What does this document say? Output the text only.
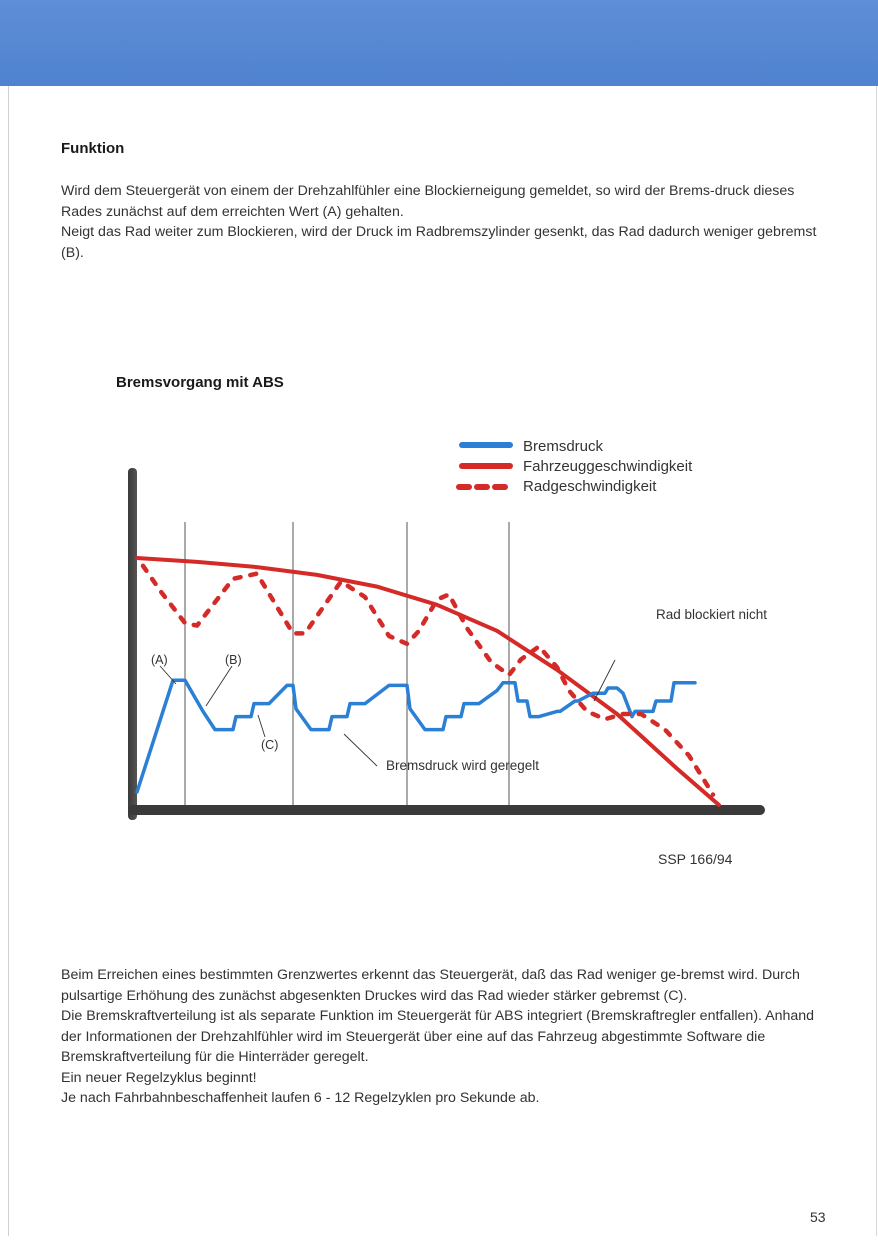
Funktion

Wird dem Steuergerät von einem der Drehzahlfühler eine Blockierneigung gemeldet, so wird der Brems-druck dieses Rades zunächst auf dem erreichten Wert (A) gehalten.

Neigt das Rad weiter zum Blockieren, wird der Druck im Radbremszylinder gesenkt, das Rad dadurch weniger gebremst (B).

Bremsvorgang mit ABS
(A)	(B)
(C)
Bremsdruck wird geregelt
Rad blockiert nicht
Bremsdruck
Fahrzeuggeschwindigkeit
Radgeschwindigkeit
SSP 166/94

Beim Erreichen eines bestimmten Grenzwertes erkennt das Steuergerät, daß das Rad weniger ge-bremst wird. Durch pulsartige Erhöhung des zunächst abgesenkten Druckes wird das Rad wieder stärker gebremst (C).

Die Bremskraftverteilung ist als separate Funktion im Steuergerät für ABS integriert (Bremskraftregler entfallen). Anhand der Informationen der Drehzahlfühler wird im Steuergerät über eine auf das Fahrzeug abgestimmte Software die Bremskraftverteilung für die Hinterräder geregelt.

Ein neuer Regelzyklus beginnt!

Je nach Fahrbahnbeschaffenheit laufen 6 - 12 Regelzyklen pro Sekunde ab.

53
